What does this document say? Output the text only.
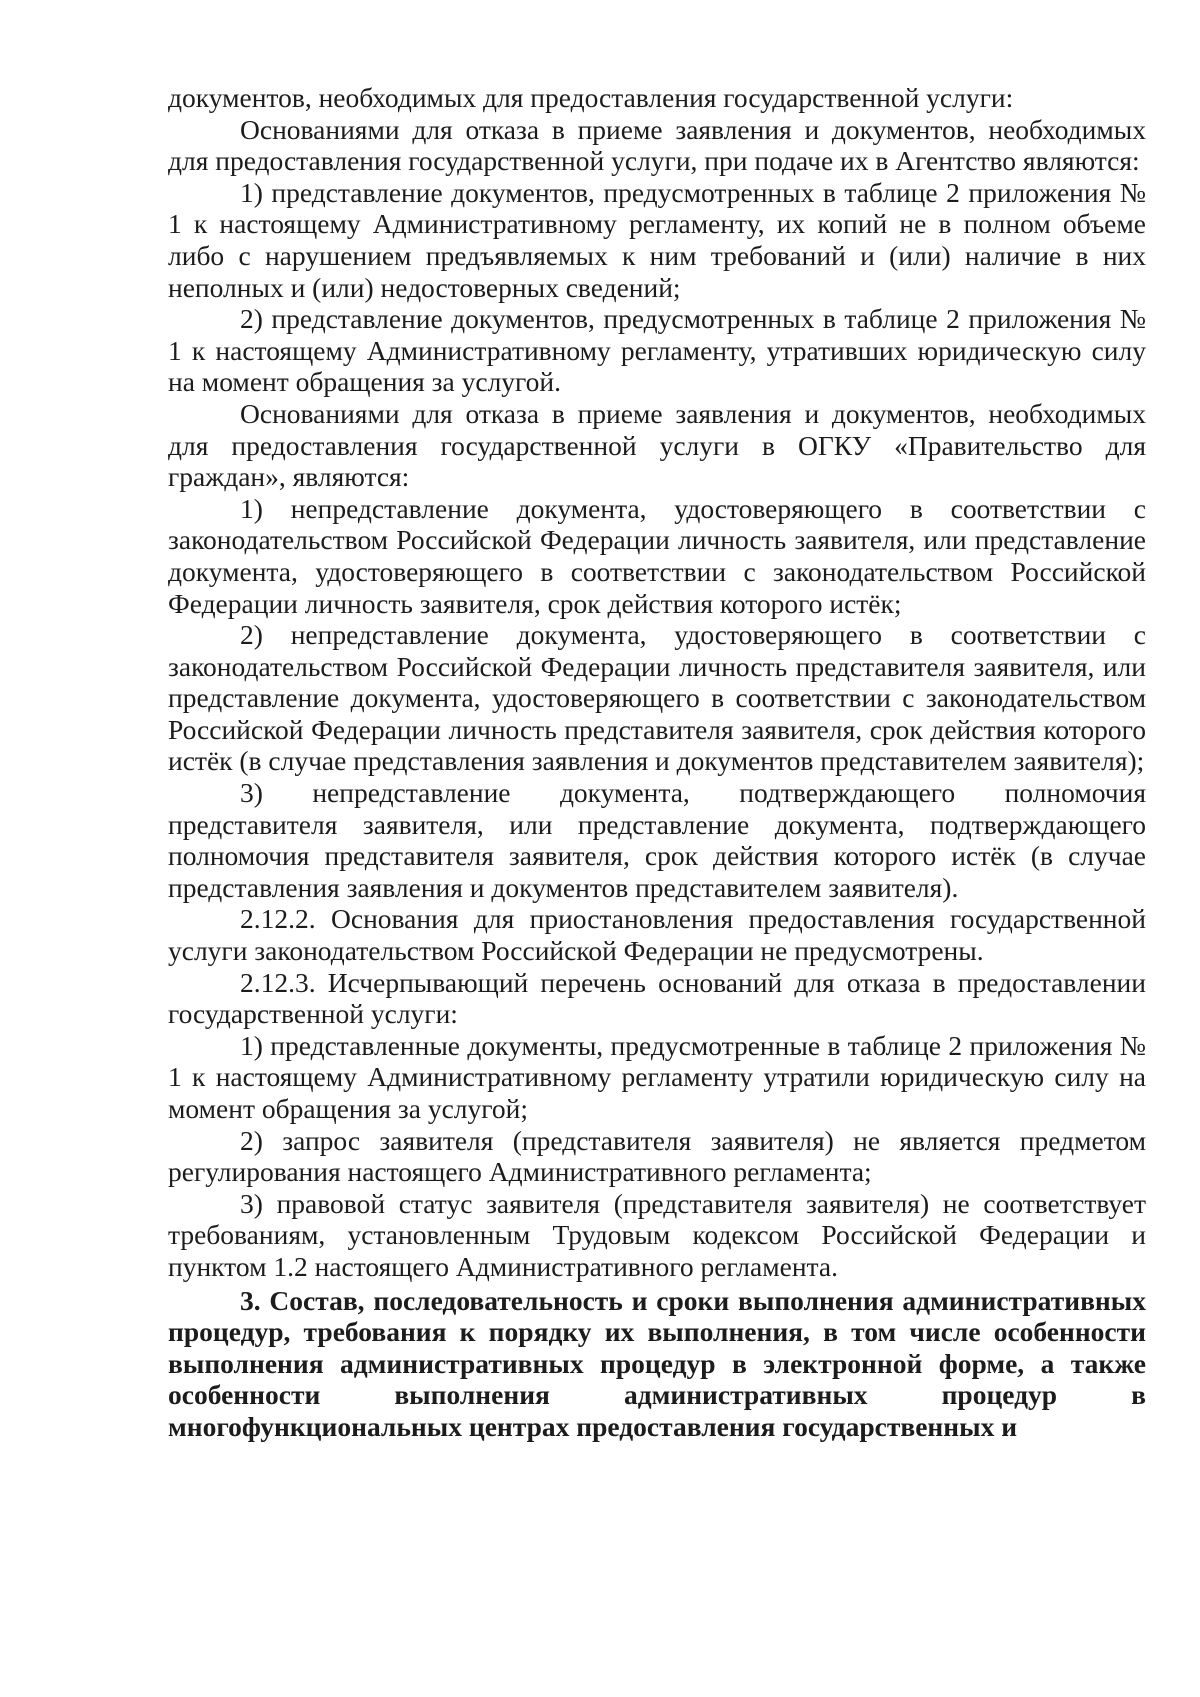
документов, необходимых для предоставления государственной услуги:

Основаниями для отказа в приеме заявления и документов, необходимых для предоставления государственной услуги, при подаче их в Агентство являются:

1) представление документов, предусмотренных в таблице 2 приложения № 1 к настоящему Административному регламенту, их копий не в полном объеме либо с нарушением предъявляемых к ним требований и (или) наличие в них неполных и (или) недостоверных сведений;

2) представление документов, предусмотренных в таблице 2 приложения № 1 к настоящему Административному регламенту, утративших юридическую силу на момент обращения за услугой.

Основаниями для отказа в приеме заявления и документов, необходимых для предоставления государственной услуги в ОГКУ «Правительство для граждан», являются:

1) непредставление документа, удостоверяющего в соответствии с законодательством Российской Федерации личность заявителя, или представление документа, удостоверяющего в соответствии с законодательством Российской Федерации личность заявителя, срок действия которого истёк;

2) непредставление документа, удостоверяющего в соответствии с законодательством Российской Федерации личность представителя заявителя, или представление документа, удостоверяющего в соответствии с законодательством Российской Федерации личность представителя заявителя, срок действия которого истёк (в случае представления заявления и документов представителем заявителя);

3) непредставление документа, подтверждающего полномочия представителя заявителя, или представление документа, подтверждающего полномочия представителя заявителя, срок действия которого истёк (в случае представления заявления и документов представителем заявителя).

2.12.2. Основания для приостановления предоставления государственной услуги законодательством Российской Федерации не предусмотрены.

2.12.3. Исчерпывающий перечень оснований для отказа в предоставлении государственной услуги:

1) представленные документы, предусмотренные в таблице 2 приложения № 1 к настоящему Административному регламенту утратили юридическую силу на момент обращения за услугой;

2) запрос заявителя (представителя заявителя) не является предметом регулирования настоящего Административного регламента;

3) правовой статус заявителя (представителя заявителя) не соответствует требованиям, установленным Трудовым кодексом Российской Федерации и пунктом 1.2 настоящего Административного регламента.

3. Состав, последовательность и сроки выполнения административных процедур, требования к порядку их выполнения, в том числе особенности выполнения административных процедур в электронной форме, а также особенности выполнения административных процедур в многофункциональных центрах предоставления государственных и
